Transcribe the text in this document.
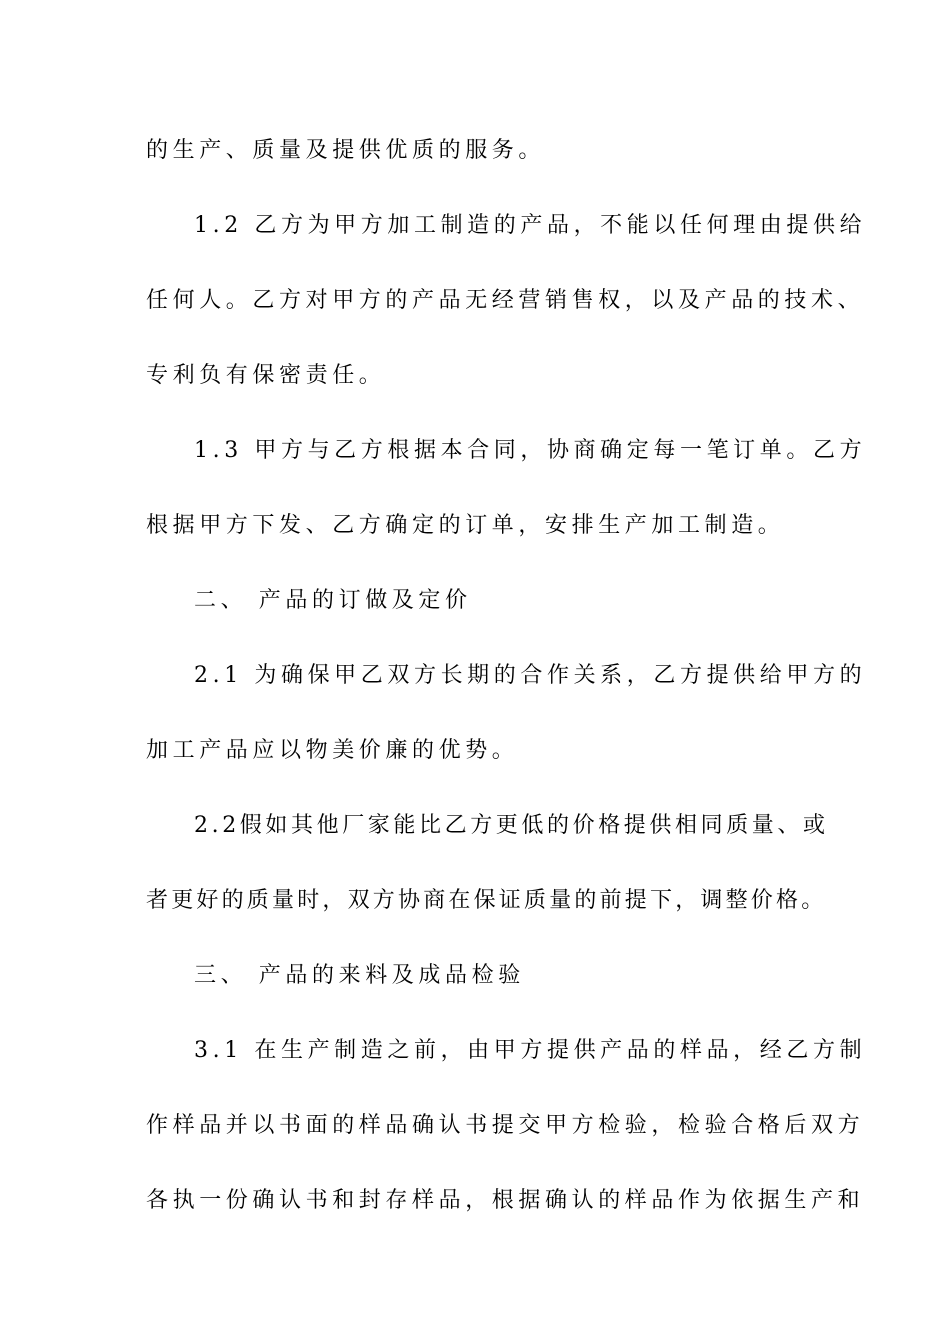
的生产、质量及提供优质的服务。
1.2 乙方为甲方加工制造的产品，不能以任何理由提供给
任何人。乙方对甲方的产品无经营销售权，以及产品的技术、
专利负有保密责任。
1.3 甲方与乙方根据本合同，协商确定每一笔订单。乙方
根据甲方下发、乙方确定的订单，安排生产加工制造。
二、 产品的订做及定价
2.1 为确保甲乙双方长期的合作关系，乙方提供给甲方的
加工产品应以物美价廉的优势。
2.2假如其他厂家能比乙方更低的价格提供相同质量、或
者更好的质量时，双方协商在保证质量的前提下，调整价格。
三、 产品的来料及成品检验
3.1 在生产制造之前，由甲方提供产品的样品，经乙方制
作样品并以书面的样品确认书提交甲方检验，检验合格后双方
各执一份确认书和封存样品，根据确认的样品作为依据生产和
